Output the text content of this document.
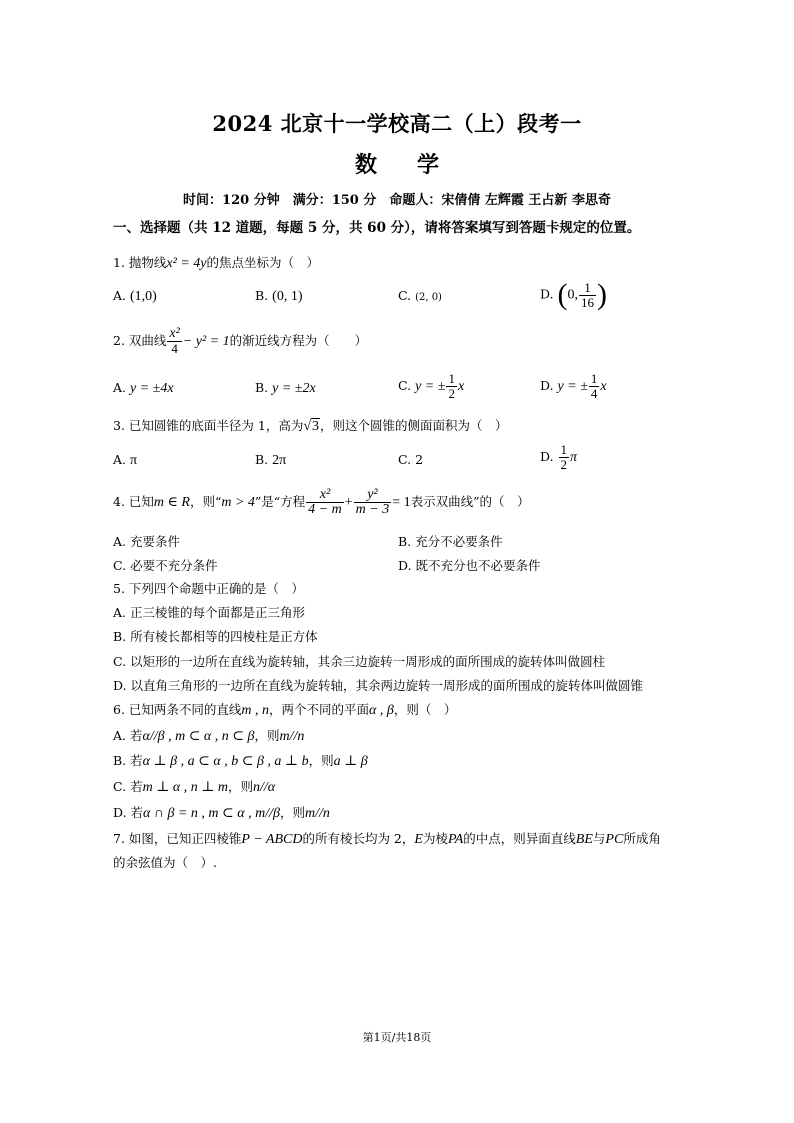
2024 北京十一学校高二（上）段考一
数学
时间：120 分钟　满分：150 分　命题人：宋倩倩 左辉霞 王占新 李思奇
一、选择题（共 12 道题，每题 5 分，共 60 分），请将答案填写到答题卡规定的位置。
1. 抛物线x² = 4y的焦点坐标为（　）
A. (1,0)	B. (0, 1)	C. (2, 0)	D. (0, $\frac{1}{16}$ )
2. 双曲线 $\frac{\text{x²}}{4} - y^2 = 1$的渐近线方程为（　　）
A. y = ±4x	B. y = ±2x	C. y = ± $\frac{1}{2}$ x	D. y = ± $\frac{1}{4}$ x
3. 已知圆锥的底面半径为 1，高为√3，则这个圆锥的侧面面积为（　）
A. π	B. 2π	C. 2	D. $\frac{1}{2}$ π
4. 已知m ∈ R，则“m > 4”是“方程 $\frac{\text{x²}}{4 - m} + \frac{\text{y²}}{m - 3} = 1$表示双曲线”的（　）
A. 充要条件	B. 充分不必要条件
C. 必要不充分条件	D. 既不充分也不必要条件
5. 下列四个命题中正确的是（　）
A. 正三棱锥的每个面都是正三角形
B. 所有棱长都相等的四棱柱是正方体
C. 以矩形的一边所在直线为旋转轴，其余三边旋转一周形成的面所围成的旋转体叫做圆柱
D. 以直角三角形的一边所在直线为旋转轴，其余两边旋转一周形成的面所围成的旋转体叫做圆锥
6. 已知两条不同的直线m , n，两个不同的平面α , β，则（　）
A. 若α//β , m ⊂ α , n ⊂ β，则m//n
B. 若α ⊥ β , a ⊂ α , b ⊂ β , a ⊥ b，则a ⊥ β
C. 若m ⊥ α , n ⊥ m，则n//α
D. 若α ∩ β = n , m ⊂ α , m//β，则m//n
7. 如图，已知正四棱锥P − ABCD的所有棱长均为 2，E为棱PA的中点，则异面直线BE与PC所成角
的余弦值为（　）.
第1页/共18页
